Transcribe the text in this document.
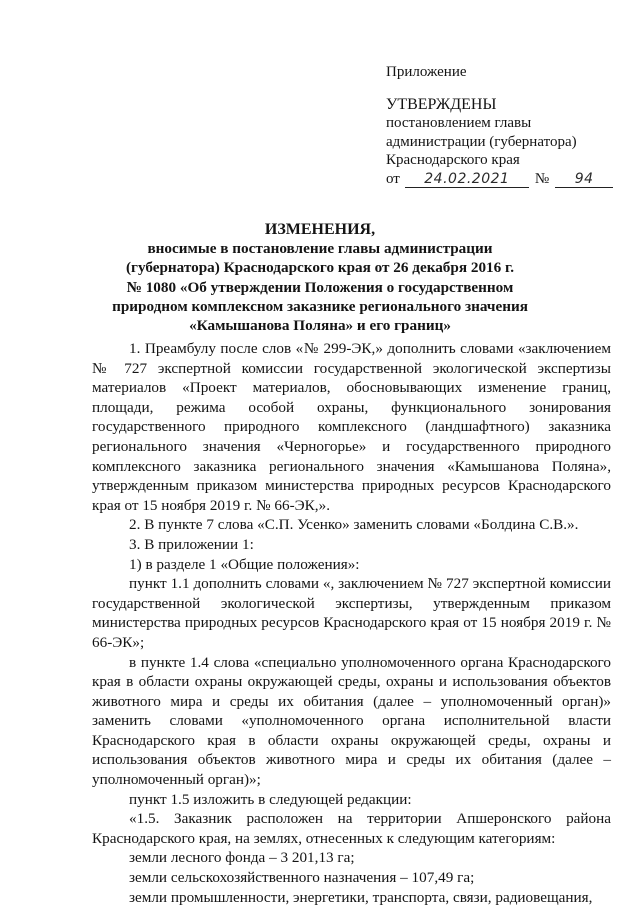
Приложение
УТВЕРЖДЕНЫ
постановлением главы
администрации (губернатора)
Краснодарского края
от	24.02.2021	№	94
ИЗМЕНЕНИЯ,
вносимые в постановление главы администрации
(губернатора) Краснодарского края от 26 декабря 2016 г.
№ 1080 «Об утверждении Положения о государственном
природном комплексном заказнике регионального значения
«Камышанова Поляна» и его границ»

1. Преамбулу после слов «№ 299-ЭК,» дополнить словами «заключением № 727 экспертной комиссии государственной экологической экспертизы материалов «Проект материалов, обосновывающих изменение границ, площади, режима особой охраны, функционального зонирования государственного природного комплексного (ландшафтного) заказника регионального значения «Черногорье» и государственного природного комплексного заказника регионального значения «Камышанова Поляна», утвержденным приказом министерства природных ресурсов Краснодарского края от 15 ноября 2019 г. № 66-ЭК,».

2. В пункте 7 слова «С.П. Усенко» заменить словами «Болдина С.В.».

3. В приложении 1:

1) в разделе 1 «Общие положения»:

пункт 1.1 дополнить словами «, заключением № 727 экспертной комиссии государственной экологической экспертизы, утвержденным приказом министерства природных ресурсов Краснодарского края от 15 ноября 2019 г. № 66-ЭК»;

в пункте 1.4 слова «специально уполномоченного органа Краснодарского края в области охраны окружающей среды, охраны и использования объектов животного мира и среды их обитания (далее – уполномоченный орган)» заменить словами «уполномоченного органа исполнительной власти Краснодарского края в области охраны окружающей среды, охраны и использования объектов животного мира и среды их обитания (далее – уполномоченный орган)»;

пункт 1.5 изложить в следующей редакции:

«1.5. Заказник расположен на территории Апшеронского района Краснодарского края, на землях, отнесенных к следующим категориям:

земли лесного фонда – 3 201,13 га;

земли сельскохозяйственного назначения – 107,49 га;

земли промышленности, энергетики, транспорта, связи, радиовещания,
